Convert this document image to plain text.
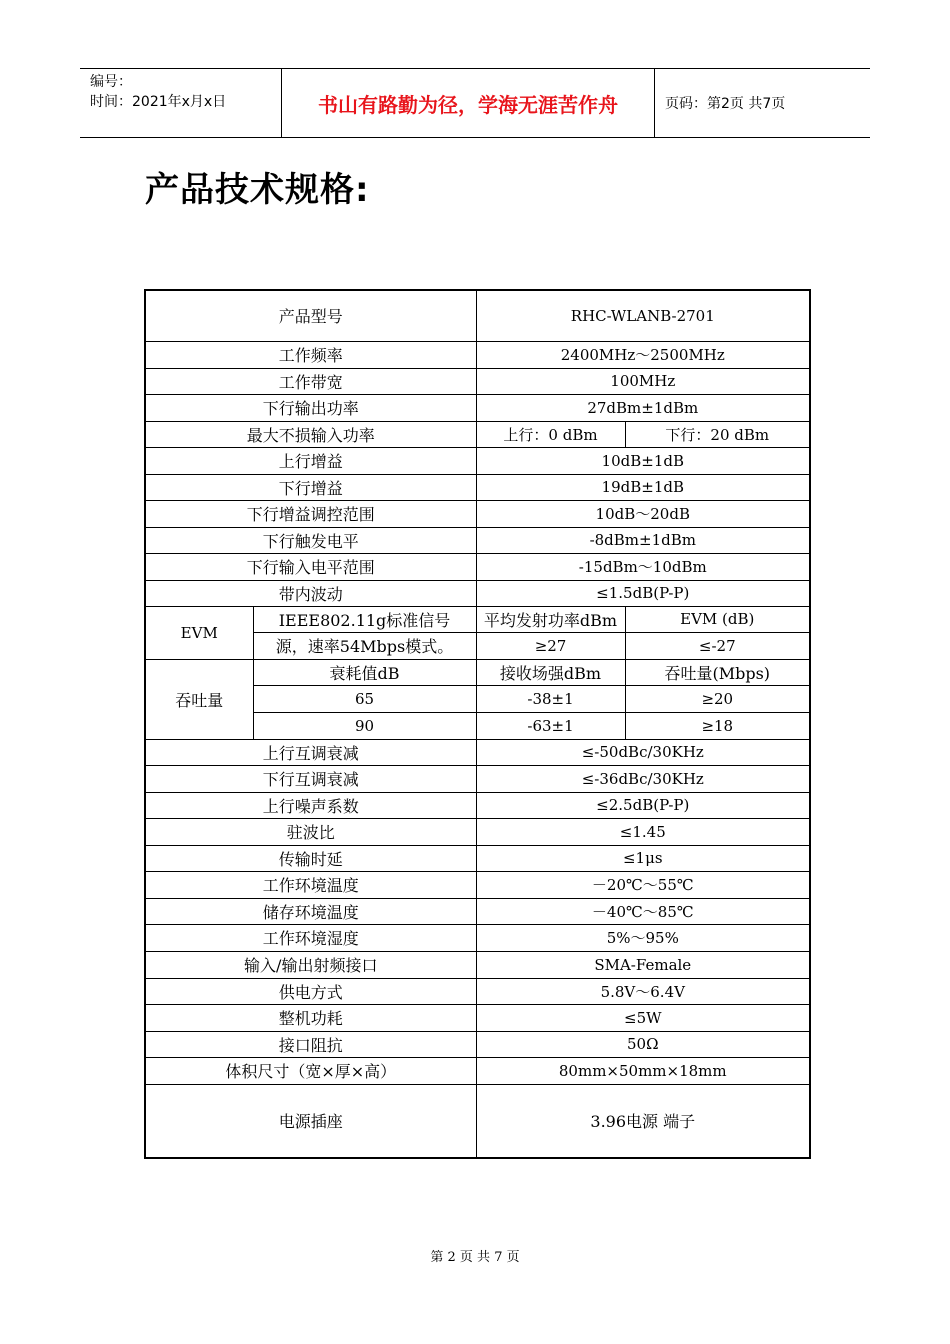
编号：
时间：2021年x月x日	书山有路勤为径，学海无涯苦作舟	页码：第2页 共7页
产品技术规格:
产品型号		RHC-WLANB-2701	
工作频率		2400MHz～2500MHz	
工作带宽		100MHz	
下行输出功率		27dBm±1dBm	
最大不损输入功率		上行：0 dBm	下行：20 dBm
上行增益		10dB±1dB	
下行增益		19dB±1dB	
下行增益调控范围		10dB～20dB	
下行触发电平		-8dBm±1dBm	
下行输入电平范围		-15dBm～10dBm	
带内波动		≤1.5dB(P-P)	
EVM	IEEE802.11g标准信号	平均发射功率dBm	EVM (dB)
	源，速率54Mbps模式。	≥27	≤-27
吞吐量	衰耗值dB	接收场强dBm	吞吐量(Mbps)
	65	-38±1	≥20
	90	-63±1	≥18
上行互调衰减		≤-50dBc/30KHz	
下行互调衰减		≤-36dBc/30KHz	
上行噪声系数		≤2.5dB(P-P)	
驻波比		≤1.45	
传输时延		≤1μs	
工作环境温度		－20℃～55℃	
储存环境温度		－40℃～85℃	
工作环境湿度		5%～95%	
输入/输出射频接口		SMA-Female	
供电方式		5.8V～6.4V	
整机功耗		≤5W	
接口阻抗		50Ω	
体积尺寸（宽×厚×高）		80mm×50mm×18mm	
电源插座		3.96电源 端子	
第 2 页 共 7 页
